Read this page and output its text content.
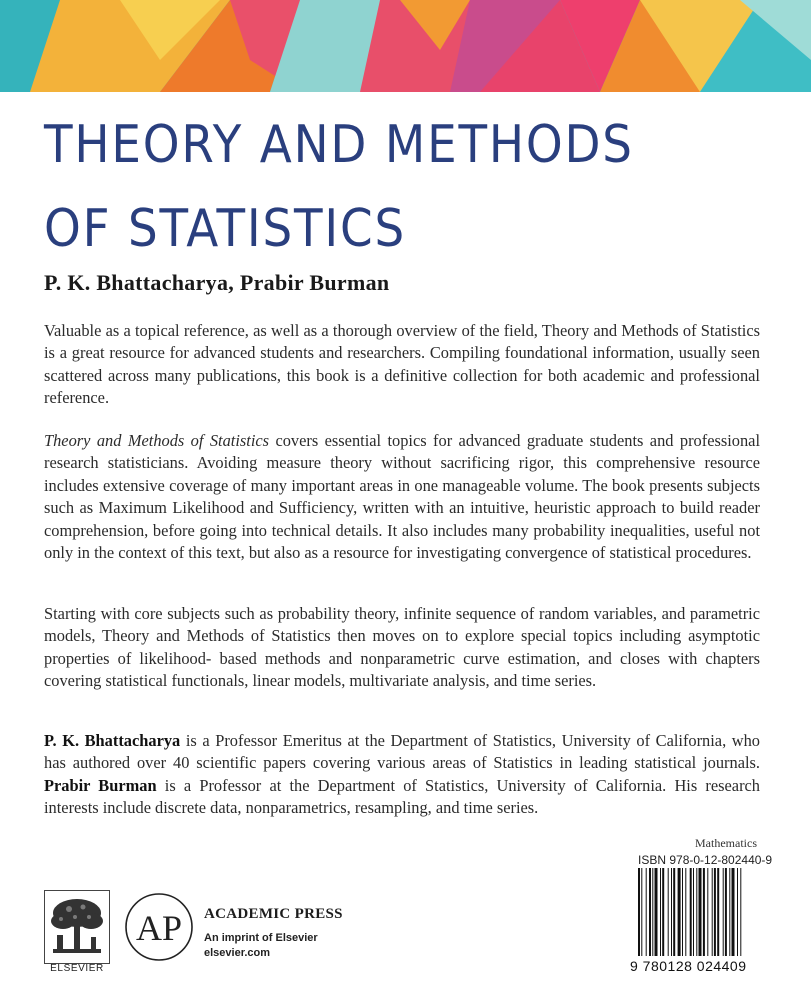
THEORY AND METHODS
OF STATISTICS

P. K. Bhattacharya, Prabir Burman

Valuable as a topical reference, as well as a thorough overview of the field, Theory and Methods of Statistics is a great resource for advanced students and researchers. Compiling foundational information, usually seen scattered across many publications, this book is a definitive collection for both academic and professional reference.

Theory and Methods of Statistics covers essential topics for advanced graduate students and professional research statisticians. Avoiding measure theory without sacrificing rigor, this comprehensive resource includes extensive coverage of many important areas in one manageable volume. The book presents subjects such as Maximum Likelihood and Sufficiency, written with an intuitive, heuristic approach to build reader comprehension, before going into technical details. It also includes many probability inequalities, useful not only in the context of this text, but also as a resource for investigating convergence of statistical procedures.

Starting with core subjects such as probability theory, infinite sequence of random variables, and parametric models, Theory and Methods of Statistics then moves on to explore special topics including asymptotic properties of likelihood- based methods and nonparametric curve estimation, and closes with chapters covering statistical functionals, linear models, multivariate analysis, and time series.

P. K. Bhattacharya is a Professor Emeritus at the Department of Statistics, University of California, who has authored over 40 scientific papers covering various areas of Statistics in leading statistical journals. Prabir Burman is a Professor at the Department of Statistics, University of California. His research interests include discrete data, nonparametrics, resampling, and time series.

Mathematics
ISBN 978-0-12-802440-9
9 780128 024409
ELSEVIER
AP ACADEMIC PRESS
An imprint of Elsevier
elsevier.com
